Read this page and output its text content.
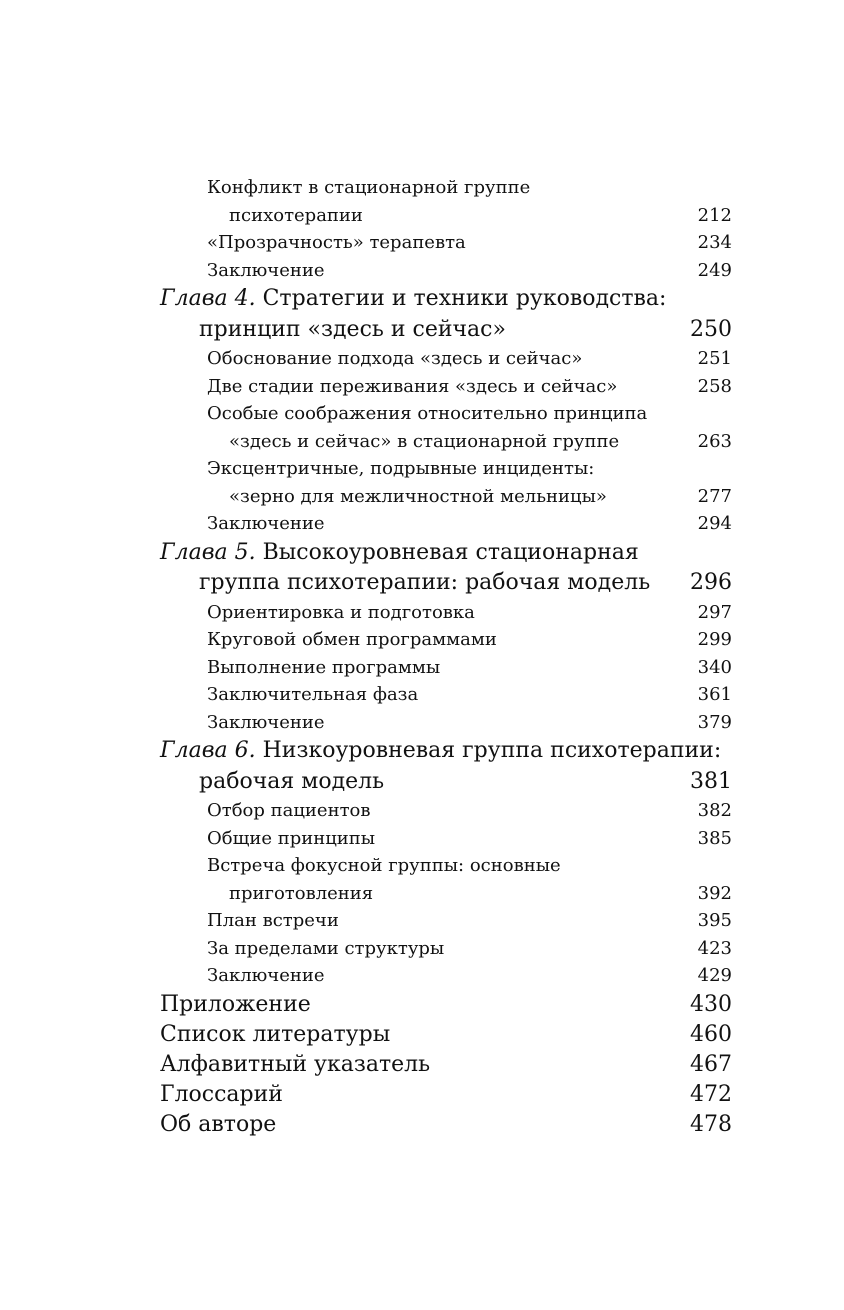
Конфликт в стационарной группе
психотерапии	212
«Прозрачность» терапевта	234
Заключение	249
Глава 4. Стратегии и техники руководства:
принцип «здесь и сейчас»	250
Обоснование подхода «здесь и сейчас»	251
Две стадии переживания «здесь и сейчас»	258
Особые соображения относительно принципа
«здесь и сейчас» в стационарной группе	263
Эксцентричные, подрывные инциденты:
«зерно для межличностной мельницы»	277
Заключение	294
Глава 5. Высокоуровневая стационарная
группа психотерапии: рабочая модель 296
Ориентировка и подготовка	297
Круговой обмен программами	299
Выполнение программы	340
Заключительная фаза	361
Заключение	379
Глава 6. Низкоуровневая группа психотерапии:
рабочая модель	381
Отбор пациентов	382
Общие принципы	385
Встреча фокусной группы: основные
приготовления	392
План встречи	395
За пределами структуры	423
Заключение	429
Приложение	430
Список литературы	460
Алфавитный указатель	467
Глоссарий	472
Об авторе	478
